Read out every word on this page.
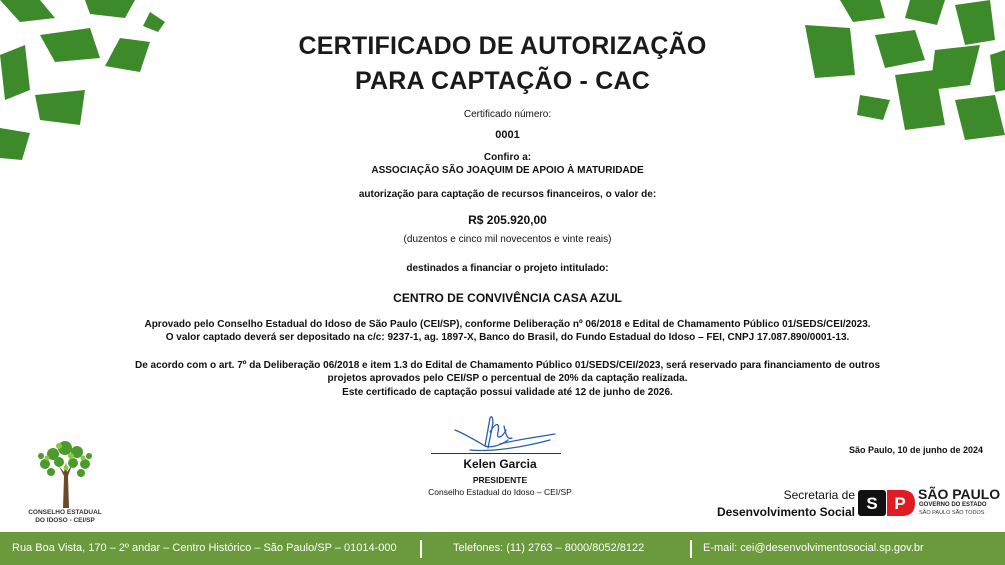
CERTIFICADO DE AUTORIZAÇÃO
PARA CAPTAÇÃO - CAC
Certificado número:
0001
Confiro a:
ASSOCIAÇÃO SÃO JOAQUIM DE APOIO À MATURIDADE
autorização para captação de recursos financeiros, o valor de:
R$ 205.920,00
(duzentos e cinco mil novecentos e vinte reais)
destinados a financiar o projeto intitulado:
CENTRO DE CONVIVÊNCIA CASA AZUL
Aprovado pelo Conselho Estadual do Idoso de São Paulo (CEI/SP), conforme Deliberação nº 06/2018 e Edital de Chamamento Público 01/SEDS/CEI/2023.
O valor captado deverá ser depositado na c/c: 9237-1, ag. 1897-X, Banco do Brasil, do Fundo Estadual do Idoso – FEI, CNPJ 17.087.890/0001-13.
De acordo com o art. 7º da Deliberação 06/2018 e item 1.3 do Edital de Chamamento Público 01/SEDS/CEI/2023, será reservado para financiamento de outros
projetos aprovados pelo CEI/SP o percentual de 20% da captação realizada.
Este certificado de captação possui validade até 12 de junho de 2026.
Kelen Garcia
PRESIDENTE
Conselho Estadual do Idoso – CEI/SP
São Paulo, 10 de junho de 2024
CONSELHO ESTADUAL
DO IDOSO - CEI/SP
Secretaria de
Desenvolvimento Social S P SÃO PAULO
GOVERNO DO ESTADO
SÃO PAULO SÃO TODOS
Rua Boa Vista, 170 – 2º andar – Centro Histórico – São Paulo/SP – 01014-000	Telefones: (11) 2763 – 8000/8052/8122	E-mail: cei@desenvolvimentosocial.sp.gov.br
